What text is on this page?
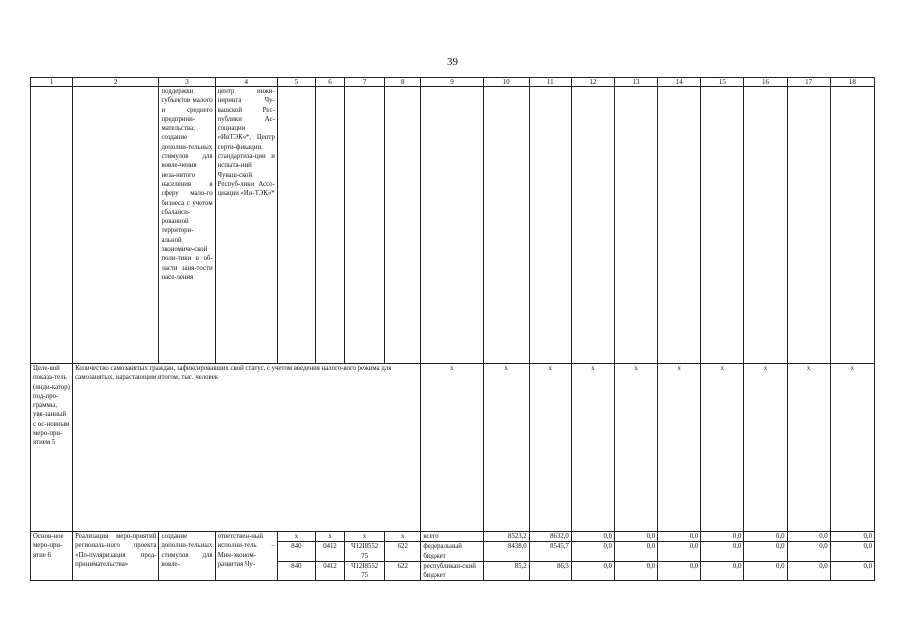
39
1	2	3	4	5	6	7	8	9	10	11	12	13	14	15	16	17	18
		поддержки субъектов малого и среднего предприни-мательства; создание дополни-тельных стимулов для вовле-чения неза-нятого населения в сферу мало-го бизнеса с учетом сбаланси-рованной территори-альной экономиче-ской поли-тики в об-ласти заня-тости насе-ления	центр инжи-ниринга Чу-вашской Рес-публики Ас-социации «ИнТЭК»*, Центр серти-фикации, стандартиза-ции и испыта-ний Чуваш-ской Респуб-лики Ассо-циации «Ин-ТЭК»*														
Целе-вой показа-тель (инди-катор) под-про-граммы, увя-занный с ос-новным меро-при-ятием 5	Количество самозанятых граждан, зафиксировавших свой статус, с учетом введения налого-вого режима для самозанятых, нарастающим итогом, тыс. человек							x	x	x	x	x	x	x	x	x	x
Основ-ное меро-при-ятие 6	Реализация меро-приятий региональ-ного проекта «По-пуляризация пред-принимательства»	создание дополни-тельных стимулов для вовле-	ответствен-ный исполни-тель – Мин-эконом-развития Чу-	x	x	x	x	всего	8523,2	8632,0	0,0	0,0	0,0	0,0	0,0	0,0	0,0
				840	0412	Ч12I8552 75	622	федеральный бюджет	8438,0	8545,7	0,0	0,0	0,0	0,0	0,0	0,0	0,0
				840	0412	Ч12I8552 75	622	республикан-ский бюджет	85,2	86,3	0,0	0,0	0,0	0,0	0,0	0,0	0,0
